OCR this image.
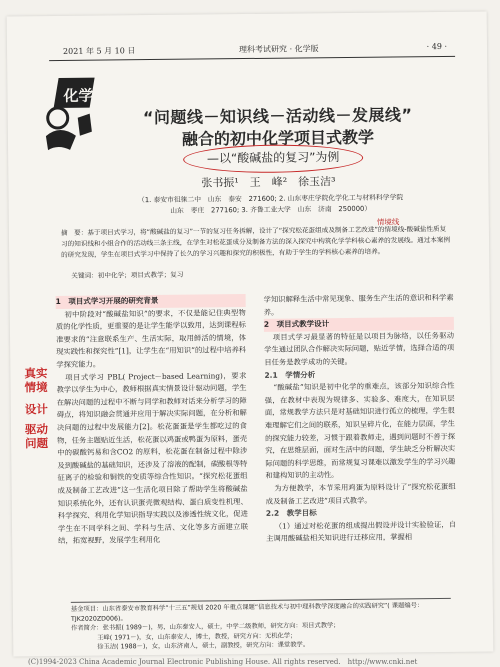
2021 年 5 月 10 日	理科考试研究 · 化学版	· 49 ·
化学
“问题线－知识线－活动线－发展线”
融合的初中化学项目式教学
—以“酸碱盐的复习”为例
张书振¹　王　峰²　徐玉洁³
（1. 泰安市徂徕二中　山东　泰安　271600; 2. 山东枣庄学院化学化工与材料科学学院
山东　枣庄　277160; 3. 齐鲁工业大学　山东　济南　250000）
情境线
摘　要：基于项目式学习，将“酸碱盐的复习”一节的复习任务拆解，设计了“探究松花蛋组成及制备工艺改进”的情境线-酸碱盐性质复习的知识线和小组合作的活动线三条主线，在学生对松花蛋成分及制备方法的深入探究中构筑化学学科核心素养的发展线。通过本案例的研究发现，学生在项目式学习中保持了长久的学习兴趣和探究的积极性，有助于学生的学科核心素养的培养。
关键词：初中化学；项目式教学；复习
1　项目式学习开展的研究背景

初中阶段对“酸碱盐知识”的要求，不仅是能记住典型物质的化学性质，更重要的是让学生能学以致用，达到课程标准要求的“注意联系生产、生活实际，取用鲜活的情境，体现实践性和探究性”[1]，让学生在“用知识”的过程中培养科学探究能力。

项目式学习 PBL( Project－based Learning)，要求教学以学生为中心，教师根据真实情景设计驱动问题，学生在解决问题的过程中不断与同学和教师对话来分析学习的障碍点，将知识融会贯通并应用于解决实际问题，在分析和解决问题的过程中发展能力[2]。松花蛋蛋是学生都吃过的食物，任务主题贴近生活，松花蛋以鸡蛋或鸭蛋为原料，蛋壳中的碳酸钙易和含CO2 的原料，松花蛋在制备过程中除涉及到酸碱盐的基础知识，还涉及了溶液的配制，碳酸根等特征离子的检验和铜铁的变质等综合性知识。“探究松花蛋组成及制备工艺改进”这一生活化项目除了帮助学生将酸碱盐知识系统化外，还有认识蛋壳微观结构、蛋白质变性机理、科学探究、利用化学知识指导实践以及渗透性统文化，促进学生在不同学科之间、学科与生活、文化等多方面建立联结，拓宽视野，发展学生利用化

学知识解释生活中常见现象、服务生产生活的意识和科学素养。

2　项目式教学设计

项目式学习最显著的特征是以项目为脉络，以任务驱动学生通过团队合作解决实际问题，贴近学情，选择合适的项目任务是教学成功的关键。

2.1　学情分析

“酸碱盐”知识是初中化学的重难点，该部分知识综合性强，在教材中表现为规律多、实验多、难度大，在知识层面，常规教学方法只是对基础知识进行孤立的梳理，学生很难理解它们之间的联系，知识呈碎片化，在能力层面，学生的探究能力较差，习惯于跟着教师走，遇到问题时不善于探究，在思维层面，面对生活中的问题，学生缺乏分析解决实际问题的科学思维，而常规复习课难以激发学生的学习兴趣和建构知识的主动性。

为方便教学，本节采用鸡蛋为原料设计了“探究松花蛋组成及制备工艺改进”项目式教学。

2.2　教学目标

（1）通过对松花蛋的组成提出假设并设计实验验证，自主调用酸碱盐相关知识进行迁移应用，掌握相

真实
情境
设计
驱动
问题
基金项目：山东省泰安市教育科学“十三五”规划 2020 年重点课题“信息技术与初中理科教学深度融合的实践研究”( 课题编号：TJK2020ZD006)。
作者简介：张书振( 1989－)，男，山东泰安人，硕士，中学二级教师，研究方向：项目式教学；
王峰( 1971－)，女，山东泰安人，博士，教授，研究方向：无机化学；
徐玉洁( 1988－)，女，山东济南人，硕士，副教授，研究方向：课堂教学。
(C)1994-2023 China Academic Journal Electronic Publishing House. All rights reserved.　http://www.cnki.net
